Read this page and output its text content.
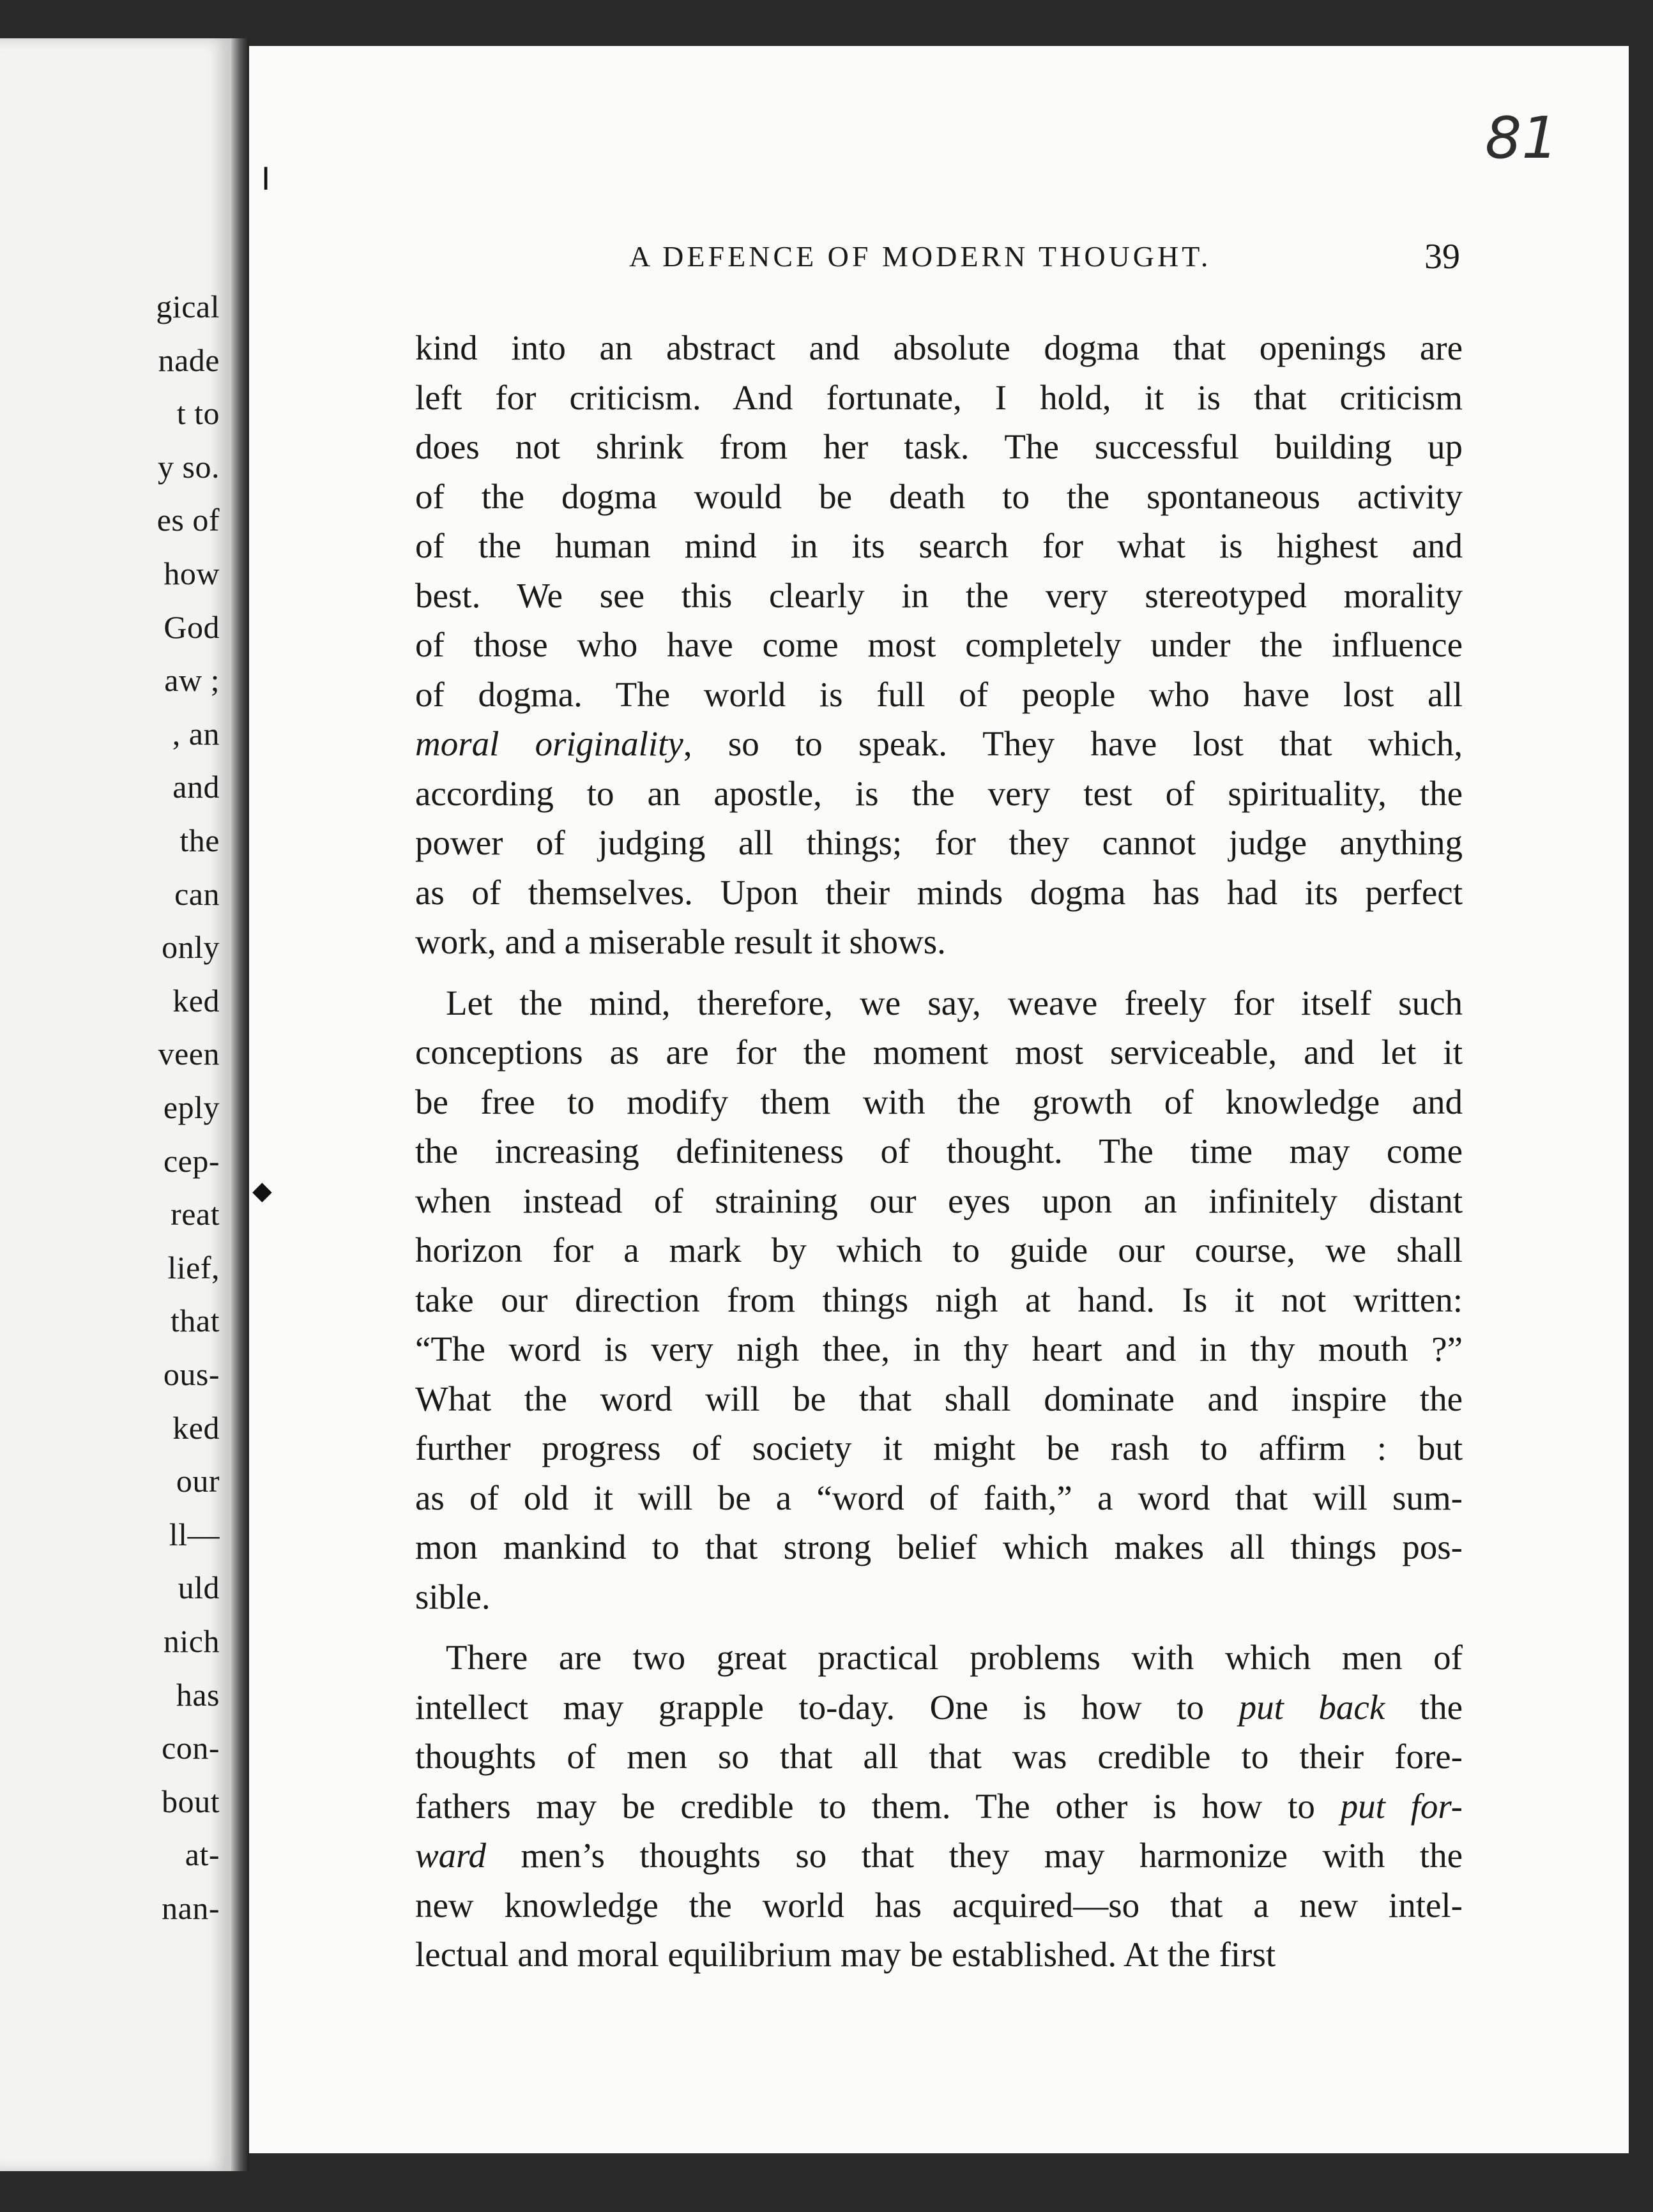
gical
nade
t to
y so.
es of
how
God
aw ;
, an
and
the
can
only
ked
veen
eply
cep-
reat
lief,
that
ous-
ked
our
ll—
uld
nich
has
con-
bout
at-
nan-
81
A DEFENCE OF MODERN THOUGHT.	39
kind into an abstract and absolute dogma that openings are
left for criticism. And fortunate, I hold, it is that criticism
does not shrink from her task. The successful building up
of the dogma would be death to the spontaneous activity
of the human mind in its search for what is highest and
best. We see this clearly in the very stereotyped morality
of those who have come most completely under the influence
of dogma. The world is full of people who have lost all
moral originality, so to speak. They have lost that which,
according to an apostle, is the very test of spirituality, the
power of judging all things; for they cannot judge anything
as of themselves. Upon their minds dogma has had its perfect
work, and a miserable result it shows.
Let the mind, therefore, we say, weave freely for itself such
conceptions as are for the moment most serviceable, and let it
be free to modify them with the growth of knowledge and
the increasing definiteness of thought. The time may come
when instead of straining our eyes upon an infinitely distant
horizon for a mark by which to guide our course, we shall
take our direction from things nigh at hand. Is it not written:
“The word is very nigh thee, in thy heart and in thy mouth ?”
What the word will be that shall dominate and inspire the
further progress of society it might be rash to affirm : but
as of old it will be a “word of faith,” a word that will sum-
mon mankind to that strong belief which makes all things pos-
sible.
There are two great practical problems with which men of
intellect may grapple to-day. One is how to put back the
thoughts of men so that all that was credible to their fore-
fathers may be credible to them. The other is how to put for-
ward men’s thoughts so that they may harmonize with the
new knowledge the world has acquired—so that a new intel-
lectual and moral equilibrium may be established. At the first
◆
╷
